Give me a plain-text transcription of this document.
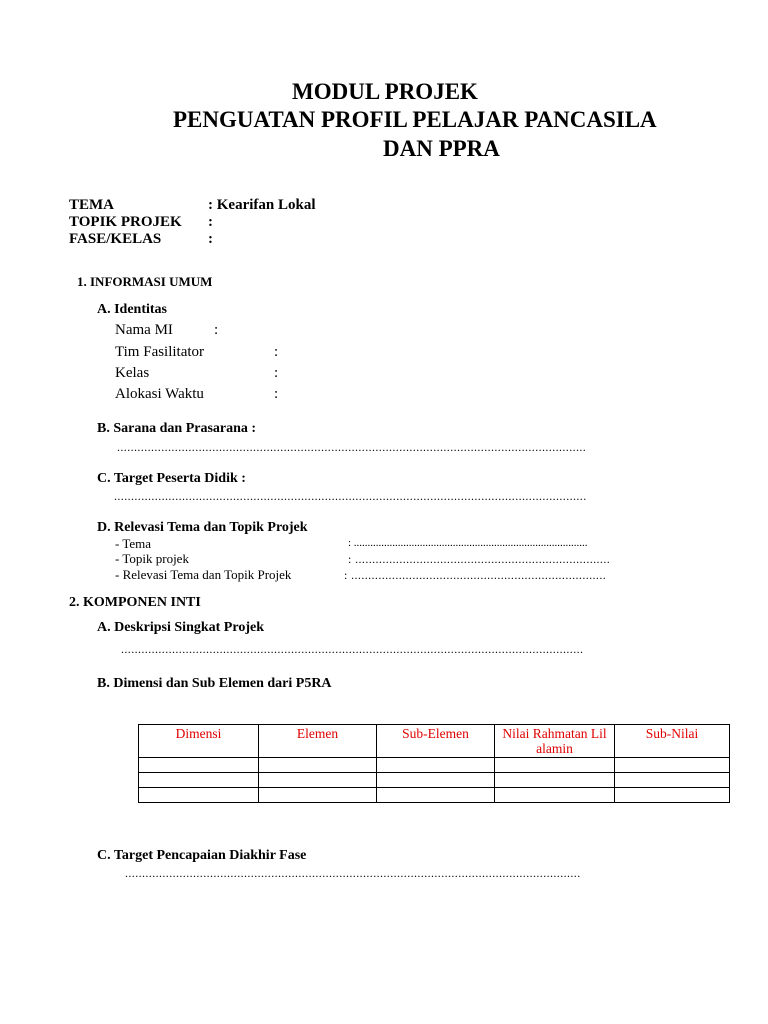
MODUL PROJEK
PENGUATAN PROFIL PELAJAR PANCASILA
DAN PPRA
TEMA	: Kearifan Lokal
TOPIK PROJEK :
FASE/KELAS	:
1. INFORMASI UMUM
A. Identitas
Nama MI	:
Tim Fasilitator	:
Kelas	:
Alokasi Waktu	:
B. Sarana dan Prasarana :
..........................................................................................................................................
C. Target Peserta Didik :
...........................................................................................................................................
D. Relevasi Tema dan Topik Projek
- Tema	: .....................................................................................
- Topik projek	: ...........................................................................
- Relevasi Tema dan Topik Projek	: ...........................................................................
2. KOMPONEN INTI
A. Deskripsi Singkat Projek
........................................................................................................................................
B. Dimensi dan Sub Elemen dari P5RA
Dimensi	Elemen	Sub-Elemen	Nilai Rahmatan Lil alamin	Sub-Nilai

C. Target Pencapaian Diakhir Fase
......................................................................................................................................
